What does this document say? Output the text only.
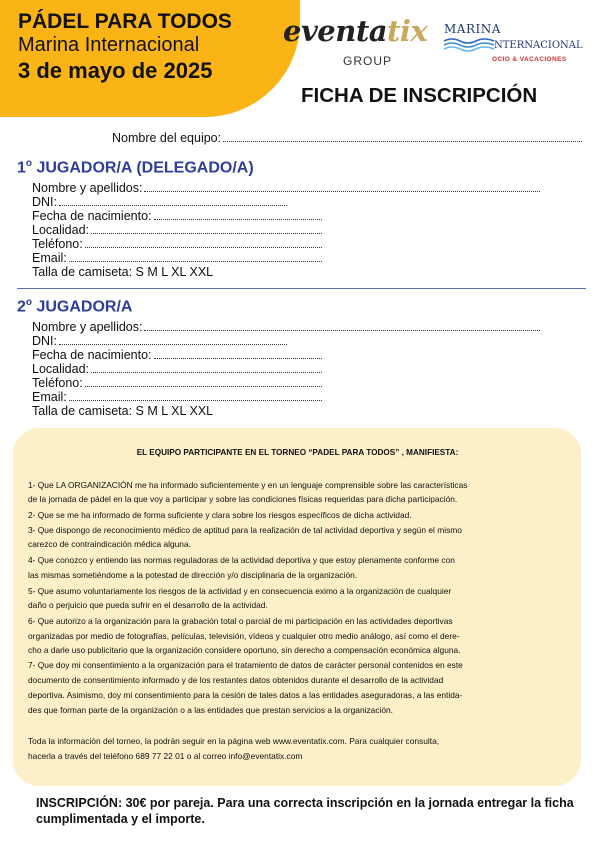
PÁDEL PARA TODOS
Marina Internacional
3 de mayo de 2025
eventatix
GROUP
MARINA
NTERNACIONAL
OCIO & VACACIONES
FICHA DE INSCRIPCIÓN
Nombre del equipo:
1$^o$ JUGADOR/A (DELEGADO/A)
Nombre y apellidos:
DNI:
Fecha de nacimiento:
Localidad:
Teléfono:
Email:
Talla de camiseta: S M L XL XXL
2$^o$ JUGADOR/A
Nombre y apellidos:
DNI:
Fecha de nacimiento:
Localidad:
Teléfono:
Email:
Talla de camiseta: S M L XL XXL
EL EQUIPO PARTICIPANTE EN EL TORNEO “PADEL PARA TODOS” , MANIFIESTA:
1- Que LA ORGANIZACIÓN me ha informado suficientemente y en un lenguaje comprensible sobre las características
de la jornada de pádel en la que voy a participar y sobre las condiciones físicas requeridas para dicha participación.
2- Que se me ha informado de forma suficiente y clara sobre los riesgos específicos de dicha actividad.
3- Que dispongo de reconocimiento médico de aptitud para la realización de tal actividad deportiva y según el mismo
carezco de contraindicación médica alguna.
4- Que conozco y entiendo las normas reguladoras de la actividad deportiva y que estoy plenamente conforme con
las mismas sometiéndome a la potestad de dirección y/o disciplinaria de la organización.
5- Que asumo voluntariamente los riesgos de la actividad y en consecuencia eximo a la organización de cualquier
daño o perjuicio que pueda sufrir en el desarrollo de la actividad.
6- Que autorizo a la organización para la grabación total o parcial de mi participación en las actividades deportivas
organizadas por medio de fotografías, películas, televisión, vídeos y cualquier otro medio análogo, así como el dere-
cho a darle uso publicitario que la organización considere oportuno, sin derecho a compensación económica alguna.
7- Que doy mi consentimiento a la organización para el tratamiento de datos de carácter personal contenidos en este
documento de consentimiento informado y de los restantes datos obtenidos durante el desarrollo de la actividad
deportiva. Asimismo, doy mi consentimiento para la cesión de tales datos a las entidades aseguradoras, a las entida-
des que forman parte de la organización o a las entidades que prestan servicios a la organización.
Toda la información del torneo, la podrán seguir en la página web www.eventatix.com. Para cualquier consulta,
hacerla a través del teléfono 689 77 22 01 o al correo info@eventatix.com
INSCRIPCIÓN: 30€ por pareja. Para una correcta inscripción en la jornada entregar la ficha cumplimentada y el importe.
